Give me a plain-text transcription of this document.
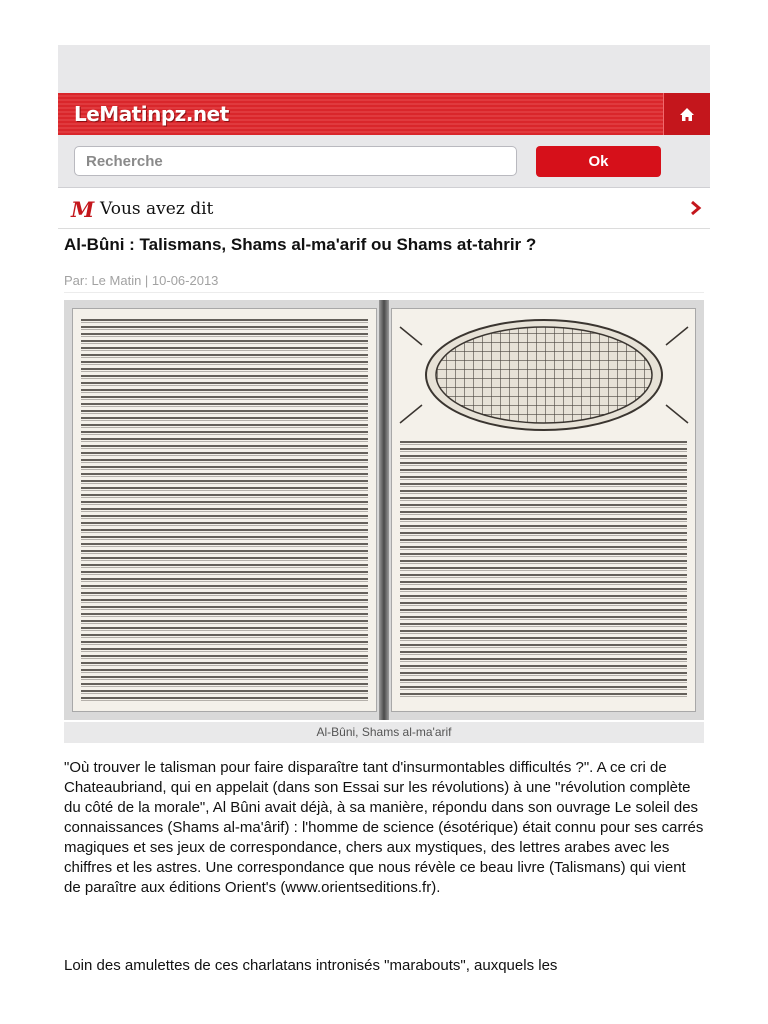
LeMatinpz.net
Recherche
Ok
M Vous avez dit
Al-Bûni : Talismans, Shams al-ma'arif ou Shams at-tahrir ?
Par: Le Matin | 10-06-2013
Al-Bûni, Shams al-ma'arif

"Où trouver le talisman pour faire disparaître tant d'insurmontables difficultés ?". A ce cri de Chateaubriand, qui en appelait (dans son Essai sur les révolutions) à une "révolution complète du côté de la morale", Al Bûni avait déjà, à sa manière, répondu dans son ouvrage Le soleil des connaissances (Shams al-ma'ârif) : l'homme de science (ésotérique) était connu pour ses carrés magiques et ses jeux de correspondance, chers aux mystiques, des lettres arabes avec les chiffres et les astres. Une correspondance que nous révèle ce beau livre (Talismans) qui vient de paraître aux éditions Orient's (www.orientseditions.fr).

Loin des amulettes de ces charlatans intronisés "marabouts", auxquels les
